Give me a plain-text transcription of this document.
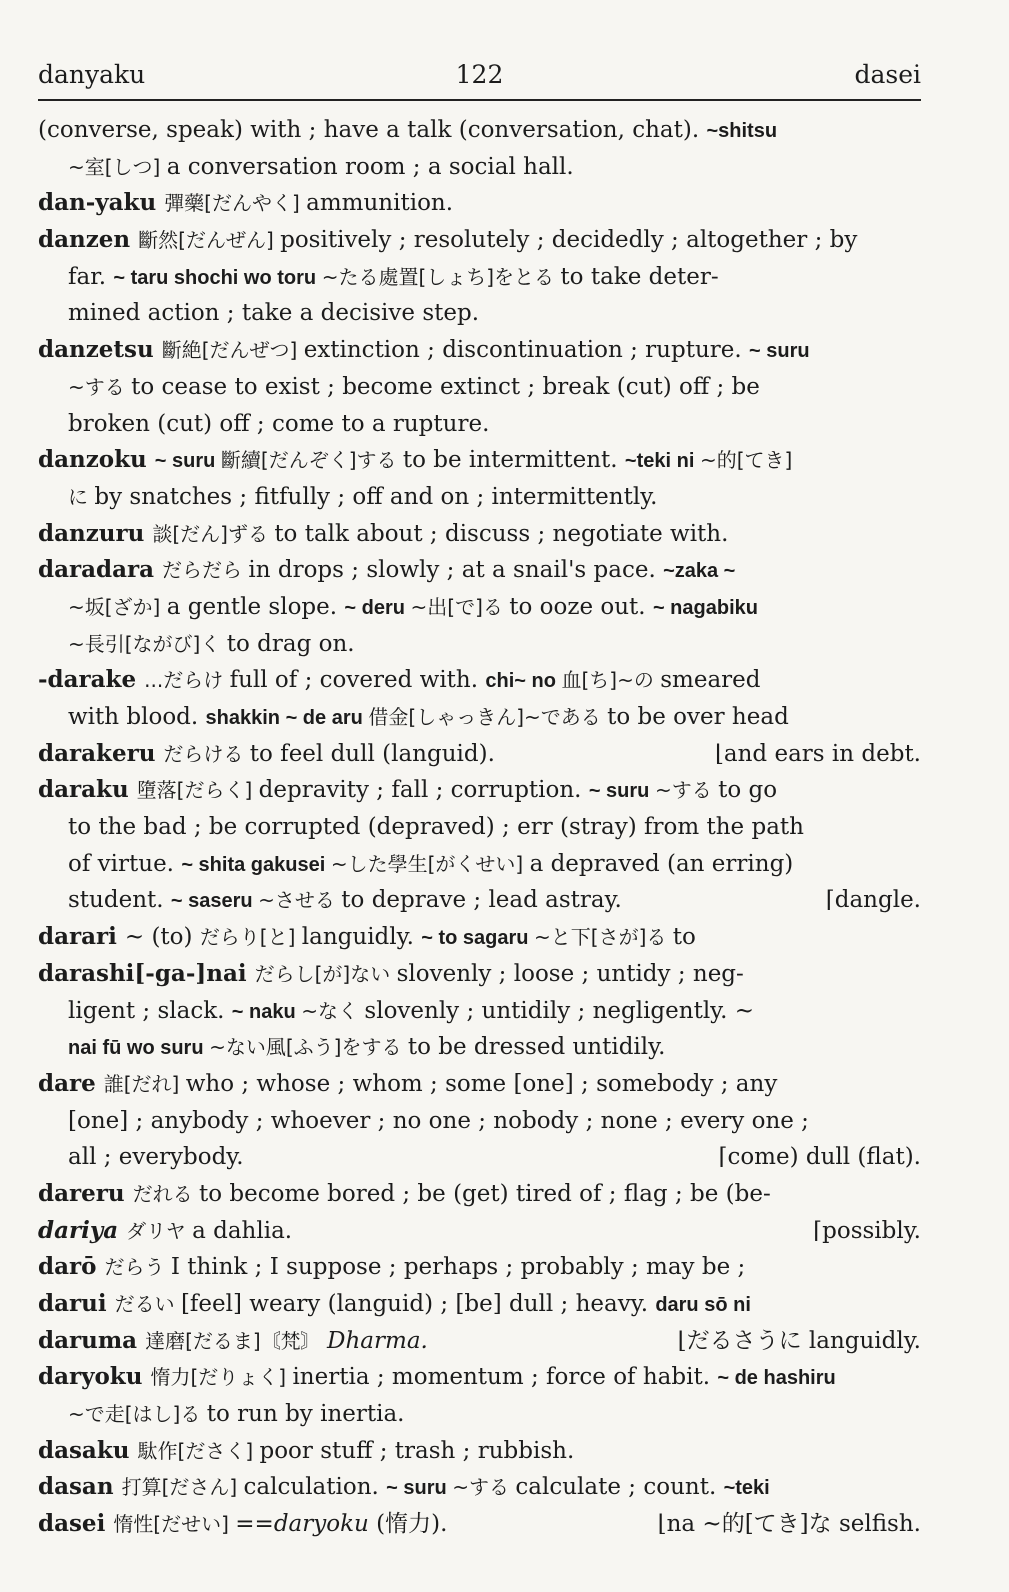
danyaku	122	dasei
(converse, speak) with ; have a talk (conversation, chat). ~shitsu
~室[しつ] a conversation room ; a social hall.
dan-yaku 彈藥[だんやく] ammunition.
danzen 斷然[だんぜん] positively ; resolutely ; decidedly ; altogether ; by
far. ~ taru shochi wo toru ~たる處置[しょち]をとる to take deter-
mined action ; take a decisive step.
danzetsu 斷絶[だんぜつ] extinction ; discontinuation ; rupture. ~ suru
~する to cease to exist ; become extinct ; break (cut) off ; be
broken (cut) off ; come to a rupture.
danzoku ~ suru 斷續[だんぞく]する to be intermittent. ~teki ni ~的[てき]
に by snatches ; fitfully ; off and on ; intermittently.
danzuru 談[だん]ずる to talk about ; discuss ; negotiate with.
daradara だらだら in drops ; slowly ; at a snail's pace. ~zaka ~
~坂[ざか] a gentle slope. ~ deru ~出[で]る to ooze out. ~ nagabiku
~長引[ながび]く to drag on.
-darake ...だらけ full of ; covered with. chi~ no 血[ち]~の smeared
with blood. shakkin ~ de aru 借金[しゃっきん]~である to be over head
darakeru だらける to feel dull (languid).	⌊and ears in debt.
daraku 墮落[だらく] depravity ; fall ; corruption. ~ suru ~する to go
to the bad ; be corrupted (depraved) ; err (stray) from the path
of virtue. ~ shita gakusei ~した學生[がくせい] a depraved (an erring)
student. ~ saseru ~させる to deprave ; lead astray.	⌈dangle.
darari ~ (to) だらり[と] languidly. ~ to sagaru ~と下[さが]る to
darashi[-ga-]nai だらし[が]ない slovenly ; loose ; untidy ; neg-
ligent ; slack. ~ naku ~なく slovenly ; untidily ; negligently. ~
nai fū wo suru ~ない風[ふう]をする to be dressed untidily.
dare 誰[だれ] who ; whose ; whom ; some [one] ; somebody ; any
[one] ; anybody ; whoever ; no one ; nobody ; none ; every one ;
all ; everybody.	⌈come) dull (flat).
dareru だれる to become bored ; be (get) tired of ; flag ; be (be-
dariya ダリヤ a dahlia.	⌈possibly.
darō だらう I think ; I suppose ; perhaps ; probably ; may be ;
darui だるい [feel] weary (languid) ; [be] dull ; heavy. daru sō ni
daruma 達磨[だるま]〘梵〙 Dharma.	⌊だるさうに languidly.
daryoku 惰力[だりょく] inertia ; momentum ; force of habit. ~ de hashiru
~で走[はし]る to run by inertia.
dasaku 駄作[ださく] poor stuff ; trash ; rubbish.
dasan 打算[ださん] calculation. ~ suru ~する calculate ; count. ~teki
dasei 惰性[だせい] ==daryoku (惰力).	⌊na ~的[てき]な selfish.
